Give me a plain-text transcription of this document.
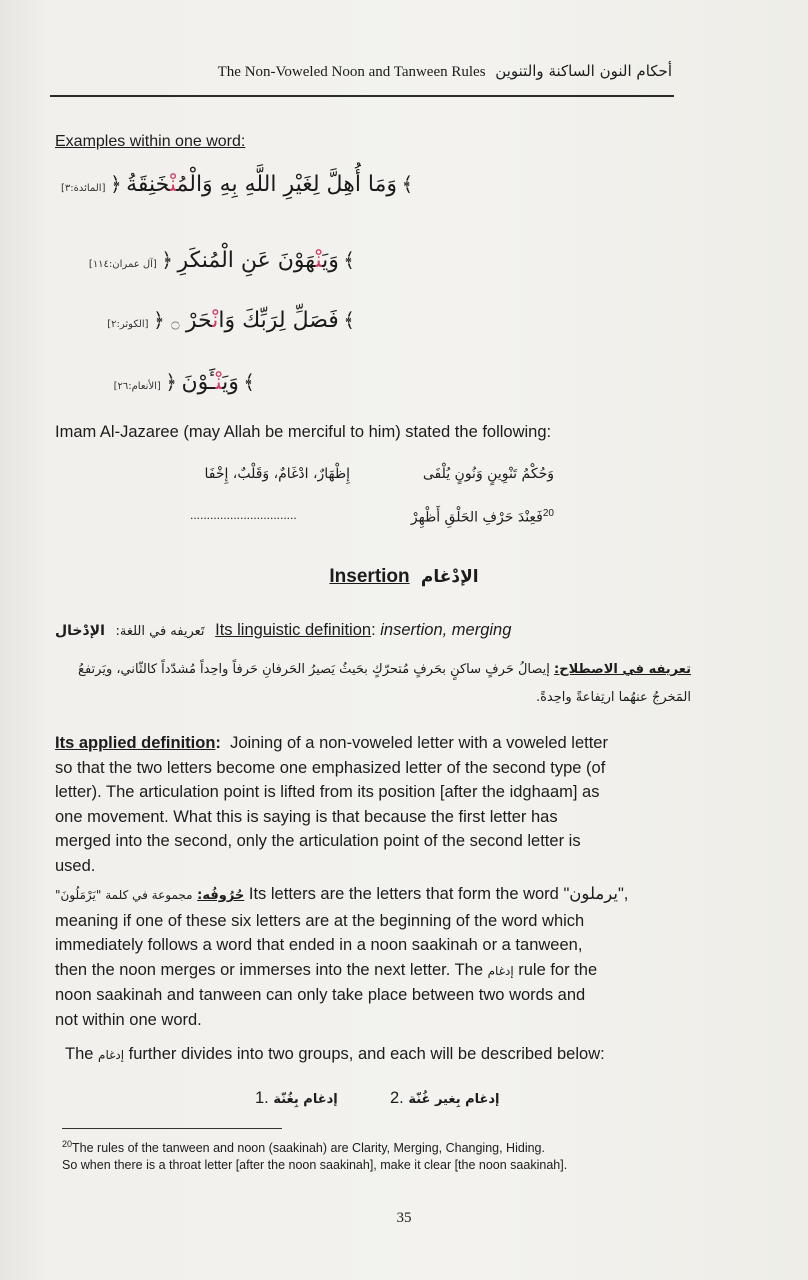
The Non-Voweled Noon and Tanween Rules أحكام النون الساكنة والتنوين
Examples within one word:
[المائدة:٣] ﴿ وَمَا أُهِلَّ لِغَيْرِ اللَّهِ بِهِ وَالْمُنْخَنِقَةُ	﴾
[آل عمران:١١٤] ﴿	وَيَنْهَوْنَ عَنِ الْمُنكَرِ ﴾
[الكوثر:٢] ﴿ ۝ فَصَلِّ لِرَبِّكَ وَانْحَرْ	﴾
[الأنعام:٢٦] ﴿ وَيَنْـَٔوْنَ ﴾
Imam Al-Jazaree (may Allah be merciful to him) stated the following:
وَحُكْمُ تَنْوِينٍ وَنُونٍ يُلْفَى
إِظْهَارٌ، ادْغَامٌ، وَقَلْبٌ، إِخْفَا
فَعِنْدَ حَرْفِ الحَلْقِ أَظْهِرْ$^{20}$
................................
Insertion الإدْغام
الإدْخال تَعريفه في اللغة: Its linguistic definition: insertion, merging
تعريفه في الاصطلاح: إيصالُ حَرفٍ ساكنٍ بحَرفٍ مُتحرّكٍ بحَيثُ يَصيرُ الحَرفانِ حَرفاً واحِداً مُشدّداً كالثّاني، ويَرتفعُ
المَخرجُ عنهُما ارتِفاعةً واحِدةً.
Its applied definition: Joining of a non-voweled letter with a voweled letter
so that the two letters become one emphasized letter of the second type (of
letter). The articulation point is lifted from its position [after the idghaam] as
one movement. What this is saying is that because the first letter has
merged into the second, only the articulation point of the second letter is
used.
مجموعة في كلمة "يَرْمَلُونَ" حُرُوفُه: Its letters are the letters that form the word "يرملون",
meaning if one of these six letters are at the beginning of the word which
immediately follows a word that ended in a noon saakinah or a tanween,
then the noon merges or immerses into the next letter. The إدغام rule for the
noon saakinah and tanween can only take place between two words and
not within one word.
The إدغام further divides into two groups, and each will be described below:
1. إدغام بِغُنّة	2. إدغام بِغير غُنّة
$^{20}$The rules of the tanween and noon (saakinah) are Clarity, Merging, Changing, Hiding.
So when there is a throat letter [after the noon saakinah], make it clear [the noon saakinah].
35
